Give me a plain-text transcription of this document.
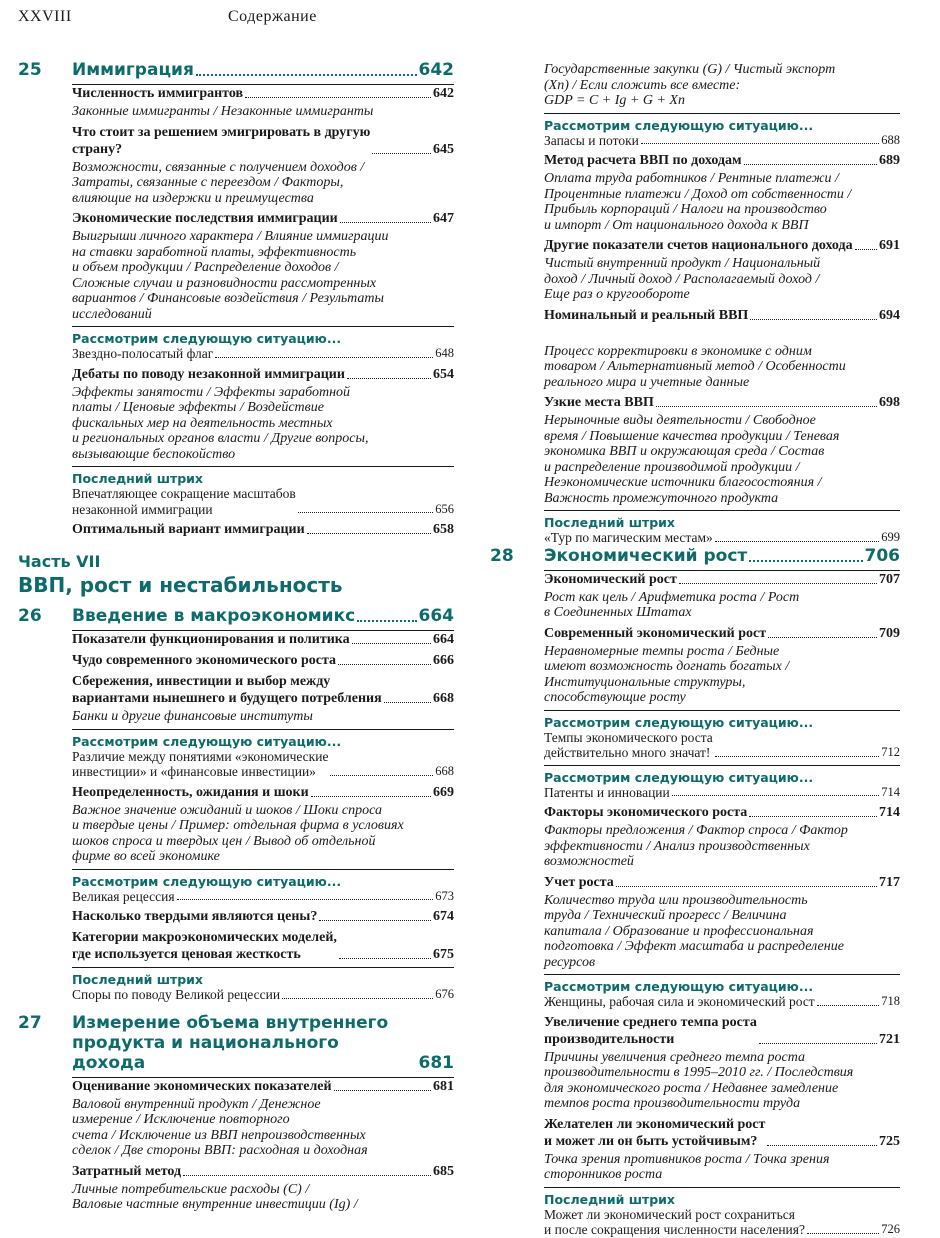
XXVIII	Содержание
25	Иммиграция	642
Численность иммигрантов	642
Законные иммигранты / Незаконные иммигранты
Что стоит за решением эмигрировать в другую
страну?	645
Возможности, связанные с получением доходов /
Затраты, связанные с переездом / Факторы,
влияющие на издержки и преимущества
Экономические последствия иммиграции	647
Выигрыши личного характера / Влияние иммиграции
на ставки заработной платы, эффективность
и объем продукции / Распределение доходов /
Сложные случаи и разновидности рассмотренных
вариантов / Финансовые воздействия / Результаты
исследований
Рассмотрим следующую ситуацию...
Звездно-полосатый флаг	648
Дебаты по поводу незаконной иммиграции	654
Эффекты занятости / Эффекты заработной
платы / Ценовые эффекты / Воздействие
фискальных мер на деятельность местных
и региональных органов власти / Другие вопросы,
вызывающие беспокойство
Последний штрих
Впечатляющее сокращение масштабов
незаконной иммиграции	656
Оптимальный вариант иммиграции	658
Часть VII
ВВП, рост и нестабильность
26	Введение в макроэкономикс	664
Показатели функционирования и политика	664
Чудо современного экономического роста	666
Сбережения, инвестиции и выбор между
вариантами нынешнего и будущего потребления	668
Банки и другие финансовые институты
Рассмотрим следующую ситуацию...
Различие между понятиями «экономические
инвестиции» и «финансовые инвестиции»	668
Неопределенность, ожидания и шоки	669
Важное значение ожиданий и шоков / Шоки спроса
и твердые цены / Пример: отдельная фирма в условиях
шоков спроса и твердых цен / Вывод об отдельной
фирме во всей экономике
Рассмотрим следующую ситуацию...
Великая рецессия	673
Насколько твердыми являются цены?	674
Категории макроэкономических моделей,
где используется ценовая жесткость	675
Последний штрих
Споры по поводу Великой рецессии	676
27	Измерение объема внутреннего
продукта и национального дохода	681
Оценивание экономических показателей	681
Валовой внутренний продукт / Денежное
измерение / Исключение повторного
счета / Исключение из ВВП непроизводственных
сделок / Две стороны ВВП: расходная и доходная
Затратный метод	685
Личные потребительские расходы (C) /
Валовые частные внутренние инвестиции (Ig) /
Государственные закупки (G) / Чистый экспорт
(Xn) / Если сложить все вместе:
GDP = C + Ig + G + Xn
Рассмотрим следующую ситуацию...
Запасы и потоки	688
Метод расчета ВВП по доходам	689
Оплата труда работников / Рентные платежи /
Процентные платежи / Доход от собственности /
Прибыль корпораций / Налоги на производство
и импорт / От национального дохода к ВВП
Другие показатели счетов национального дохода 691
Чистый внутренний продукт / Национальный
доход / Личный доход / Располагаемый доход /
Еще раз о кругообороте
Номинальный и реальный ВВП	694
Процесс корректировки в экономике с одним
товаром / Альтернативный метод / Особенности
реального мира и учетные данные
Узкие места ВВП	698
Нерыночные виды деятельности / Свободное
время / Повышение качества продукции / Теневая
экономика ВВП и окружающая среда / Состав
и распределение производимой продукции /
Неэкономические источники благосостояния /
Важность промежуточного продукта
Последний штрих
«Тур по магическим местам»	699
28	Экономический рост	706
Экономический рост	707
Рост как цель / Арифметика роста / Рост
в Соединенных Штатах
Современный экономический рост	709
Неравномерные темпы роста / Бедные
имеют возможность догнать богатых /
Институциональные структуры,
способствующие росту
Рассмотрим следующую ситуацию...
Темпы экономического роста
действительно много значат!	712
Рассмотрим следующую ситуацию...
Патенты и инновации	714
Факторы экономического роста	714
Факторы предложения / Фактор спроса / Фактор
эффективности / Анализ производственных
возможностей
Учет роста	717
Количество труда или производительность
труда / Технический прогресс / Величина
капитала / Образование и профессиональная
подготовка / Эффект масштаба и распределение
ресурсов
Рассмотрим следующую ситуацию...
Женщины, рабочая сила и экономический рост	718
Увеличение среднего темпа роста
производительности	721
Причины увеличения среднего темпа роста
производительности в 1995–2010 гг. / Последствия
для экономического роста / Недавнее замедление
темпов роста производительности труда
Желателен ли экономический рост
и может ли он быть устойчивым?	725
Точка зрения противников роста / Точка зрения
сторонников роста
Последний штрих
Может ли экономический рост сохраниться
и после сокращения численности населения?	726
